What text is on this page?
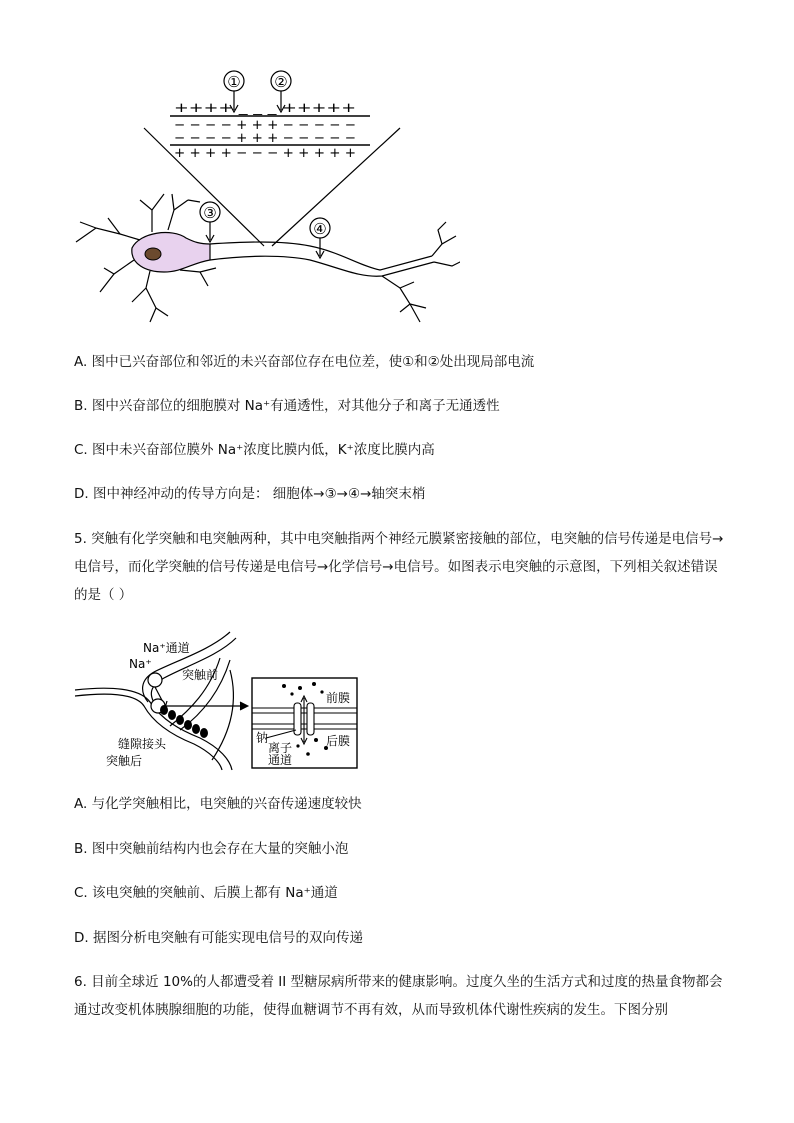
① ②
++++ _ _ _ +++++
− − − − + + + − − − − −
− − − − + + + − − − − −
+ + + + − − − + + + + +
③
④
A. 图中已兴奋部位和邻近的未兴奋部位存在电位差，使①和②处出现局部电流
B. 图中兴奋部位的细胞膜对 Na⁺有通透性，对其他分子和离子无通透性
C. 图中未兴奋部位膜外 Na⁺浓度比膜内低，K⁺浓度比膜内高
D. 图中神经冲动的传导方向是： 细胞体→③→④→轴突末梢
5. 突触有化学突触和电突触两种，其中电突触指两个神经元膜紧密接触的部位，电突触的信号传递是电信号→电信号，而化学突触的信号传递是电信号→化学信号→电信号。如图表示电突触的示意图，下列相关叙述错误的是（ ）
Na⁺通道
Na⁺
突触前
缝隙接头
突触后
前膜
后膜
钠
离子
通道
A. 与化学突触相比，电突触的兴奋传递速度较快
B. 图中突触前结构内也会存在大量的突触小泡
C. 该电突触的突触前、后膜上都有 Na⁺通道
D. 据图分析电突触有可能实现电信号的双向传递
6. 目前全球近 10%的人都遭受着 II 型糖尿病所带来的健康影响。过度久坐的生活方式和过度的热量食物都会通过改变机体胰腺细胞的功能，使得血糖调节不再有效，从而导致机体代谢性疾病的发生。下图分别
